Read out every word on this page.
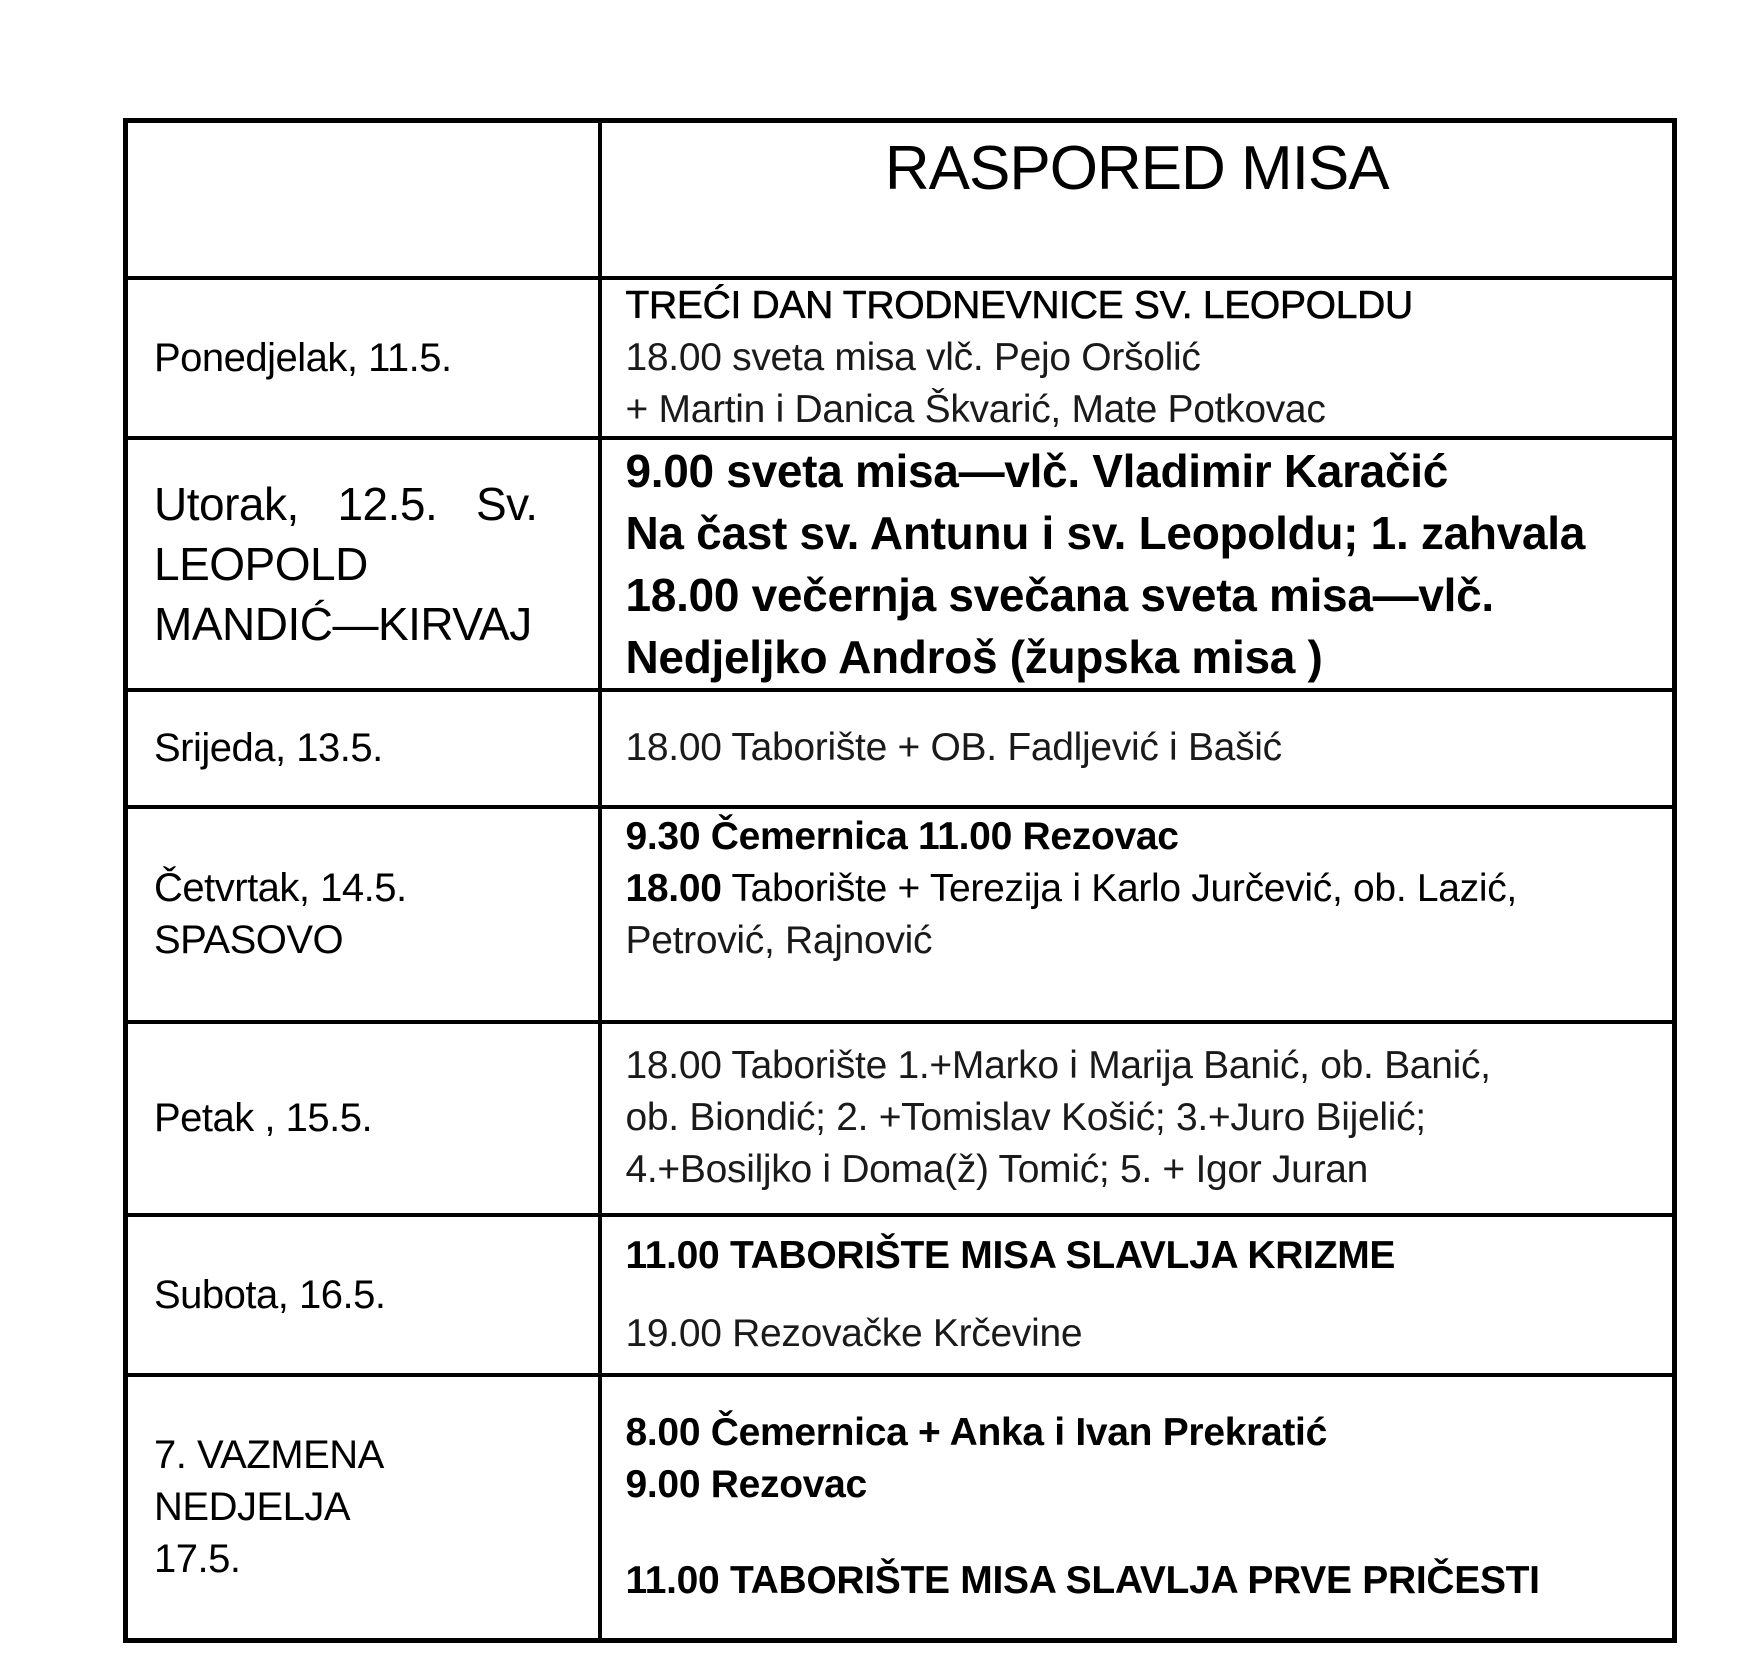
	RASPORED MISA

Ponedjelak, 11.5.	TREĆI DAN TRODNEVNICE SV. LEOPOLDU
18.00 sveta misa vlč. Pejo Oršolić
+ Martin i Danica Škvarić, Mate Potkovac

Utorak, 12.5. Sv. LEOPOLD MANDIĆ—KIRVAJ	9.00 sveta misa—vlč. Vladimir Karačić
Na čast sv. Antunu i sv. Leopoldu; 1. zahvala
18.00 večernja svečana sveta misa—vlč.
Nedjeljko Androš (župska misa )

Srijeda, 13.5.	18.00 Taborište + OB. Fadljević i Bašić

Četvrtak, 14.5.
SPASOVO	9.30 Čemernica 11.00 Rezovac
18.00 Taborište + Terezija i Karlo Jurčević, ob. Lazić,
Petrović, Rajnović

Petak , 15.5.	18.00 Taborište 1.+Marko i Marija Banić, ob. Banić,
ob. Biondić; 2. +Tomislav Košić; 3.+Juro Bijelić;
4.+Bosiljko i Doma(ž) Tomić; 5. + Igor Juran

Subota, 16.5.	11.00 TABORIŠTE MISA SLAVLJA KRIZME
19.00 Rezovačke Krčevine

7. VAZMENA
NEDJELJA
17.5.	8.00 Čemernica + Anka i Ivan Prekratić
9.00 Rezovac
11.00 TABORIŠTE MISA SLAVLJA PRVE PRIČESTI
